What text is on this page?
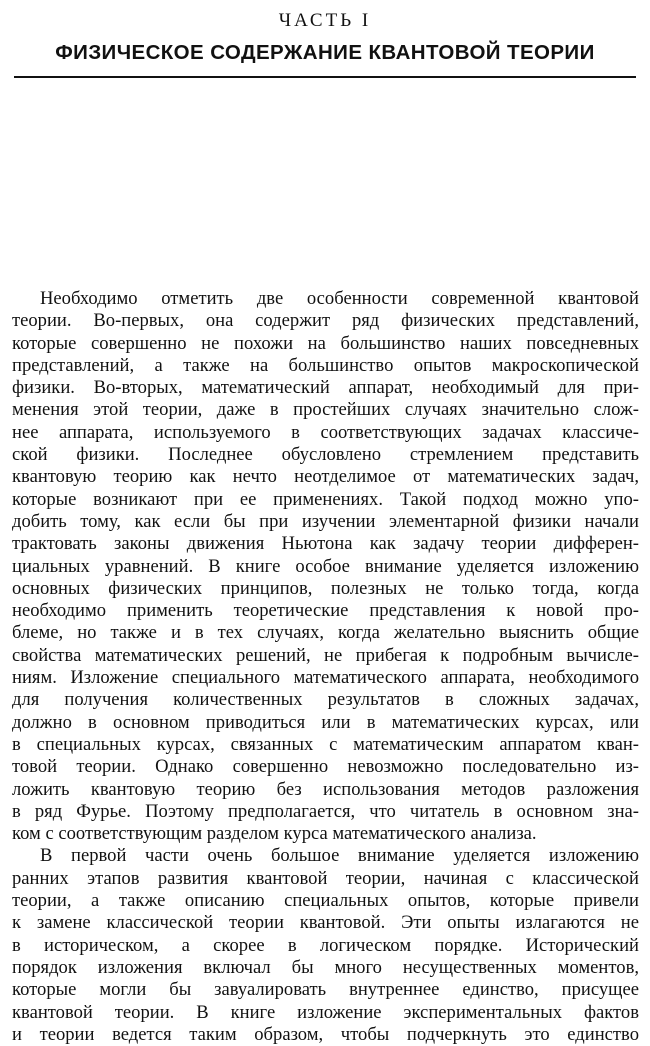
ЧАСТЬ I
ФИЗИЧЕСКОЕ СОДЕРЖАНИЕ КВАНТОВОЙ ТЕОРИИ
Необходимо отметить две особенности современной квантовой
теории. Во-первых, она содержит ряд физических представлений,
которые совершенно не похожи на большинство наших повседневных
представлений, а также на большинство опытов макроскопической
физики. Во-вторых, математический аппарат, необходимый для при-
менения этой теории, даже в простейших случаях значительно слож-
нее аппарата, используемого в соответствующих задачах классиче-
ской физики. Последнее обусловлено стремлением представить
квантовую теорию как нечто неотделимое от математических задач,
которые возникают при ее применениях. Такой подход можно упо-
добить тому, как если бы при изучении элементарной физики начали
трактовать законы движения Ньютона как задачу теории дифферен-
циальных уравнений. В книге особое внимание уделяется изложению
основных физических принципов, полезных не только тогда, когда
необходимо применить теоретические представления к новой про-
блеме, но также и в тех случаях, когда желательно выяснить общие
свойства математических решений, не прибегая к подробным вычисле-
ниям. Изложение специального математического аппарата, необходимого
для получения количественных результатов в сложных задачах,
должно в основном приводиться или в математических курсах, или
в специальных курсах, связанных с математическим аппаратом кван-
товой теории. Однако совершенно невозможно последовательно из-
ложить квантовую теорию без использования методов разложения
в ряд Фурье. Поэтому предполагается, что читатель в основном зна-
ком с соответствующим разделом курса математического анализа.
В первой части очень большое внимание уделяется изложению
ранних этапов развития квантовой теории, начиная с классической
теории, а также описанию специальных опытов, которые привели
к замене классической теории квантовой. Эти опыты излагаются не
в историческом, а скорее в логическом порядке. Исторический
порядок изложения включал бы много несущественных моментов,
которые могли бы завуалировать внутреннее единство, присущее
квантовой теории. В книге изложение экспериментальных фактов
и теории ведется таким образом, чтобы подчеркнуть это единство
